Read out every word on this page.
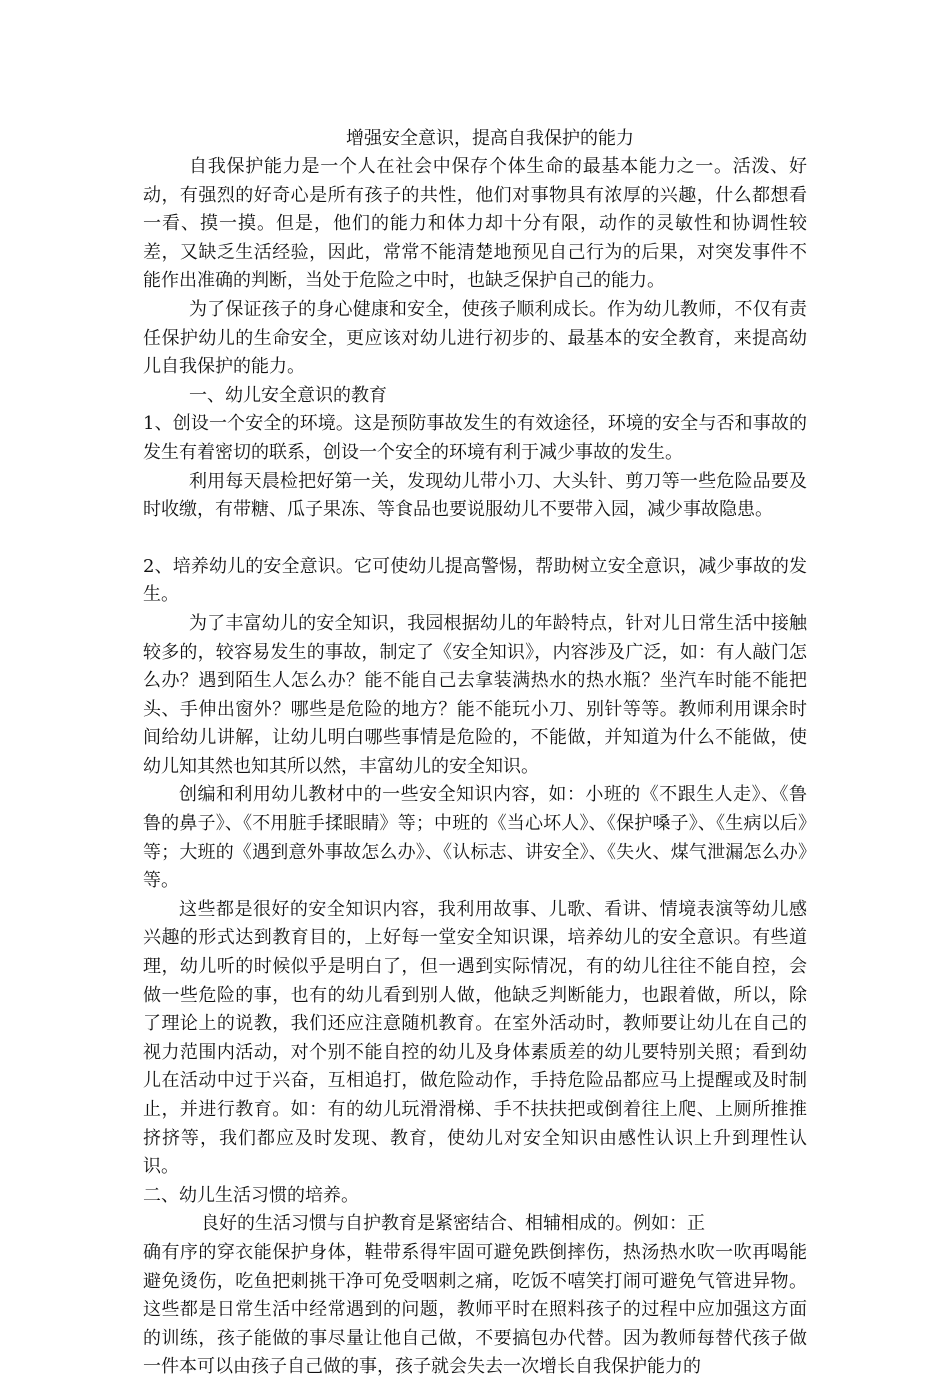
增强安全意识，提高自我保护的能力

自我保护能力是一个人在社会中保存个体生命的最基本能力之一。活泼、好动，有强烈的好奇心是所有孩子的共性，他们对事物具有浓厚的兴趣，什么都想看一看、摸一摸。但是，他们的能力和体力却十分有限，动作的灵敏性和协调性较差，又缺乏生活经验，因此，常常不能清楚地预见自己行为的后果，对突发事件不能作出准确的判断，当处于危险之中时，也缺乏保护自己的能力。

为了保证孩子的身心健康和安全，使孩子顺利成长。作为幼儿教师，不仅有责任保护幼儿的生命安全，更应该对幼儿进行初步的、最基本的安全教育，来提高幼儿自我保护的能力。

一、幼儿安全意识的教育

1、创设一个安全的环境。这是预防事故发生的有效途径，环境的安全与否和事故的发生有着密切的联系，创设一个安全的环境有利于减少事故的发生。

利用每天晨检把好第一关，发现幼儿带小刀、大头针、剪刀等一些危险品要及时收缴，有带糖、瓜子果冻、等食品也要说服幼儿不要带入园，减少事故隐患。

2、培养幼儿的安全意识。它可使幼儿提高警惕，帮助树立安全意识，减少事故的发生。

为了丰富幼儿的安全知识，我园根据幼儿的年龄特点，针对儿日常生活中接触较多的，较容易发生的事故，制定了《安全知识》，内容涉及广泛，如：有人敲门怎么办？遇到陌生人怎么办？能不能自己去拿装满热水的热水瓶？坐汽车时能不能把头、手伸出窗外？哪些是危险的地方？能不能玩小刀、别针等等。教师利用课余时间给幼儿讲解，让幼儿明白哪些事情是危险的，不能做，并知道为什么不能做，使幼儿知其然也知其所以然，丰富幼儿的安全知识。

创编和利用幼儿教材中的一些安全知识内容，如：小班的《不跟生人走》、《鲁鲁的鼻子》、《不用脏手揉眼睛》等；中班的《当心坏人》、《保护嗓子》、《生病以后》等；大班的《遇到意外事故怎么办》、《认标志、讲安全》、《失火、煤气泄漏怎么办》等。

这些都是很好的安全知识内容，我利用故事、儿歌、看讲、情境表演等幼儿感兴趣的形式达到教育目的，上好每一堂安全知识课，培养幼儿的安全意识。有些道理，幼儿听的时候似乎是明白了，但一遇到实际情况，有的幼儿往往不能自控，会做一些危险的事，也有的幼儿看到别人做，他缺乏判断能力，也跟着做，所以，除了理论上的说教，我们还应注意随机教育。在室外活动时，教师要让幼儿在自己的视力范围内活动，对个别不能自控的幼儿及身体素质差的幼儿要特别关照；看到幼儿在活动中过于兴奋，互相追打，做危险动作，手持危险品都应马上提醒或及时制止，并进行教育。如：有的幼儿玩滑滑梯、手不扶扶把或倒着往上爬、上厕所推推挤挤等，我们都应及时发现、教育，使幼儿对安全知识由感性认识上升到理性认识。

二、幼儿生活习惯的培养。

良好的生活习惯与自护教育是紧密结合、相辅相成的。例如：正

确有序的穿衣能保护身体，鞋带系得牢固可避免跌倒摔伤，热汤热水吹一吹再喝能避免烫伤，吃鱼把刺挑干净可免受咽刺之痛，吃饭不嘻笑打闹可避免气管进异物。这些都是日常生活中经常遇到的问题，教师平时在照料孩子的过程中应加强这方面的训练，孩子能做的事尽量让他自己做，不要搞包办代替。因为教师每替代孩子做一件本可以由孩子自己做的事，孩子就会失去一次增长自我保护能力的
